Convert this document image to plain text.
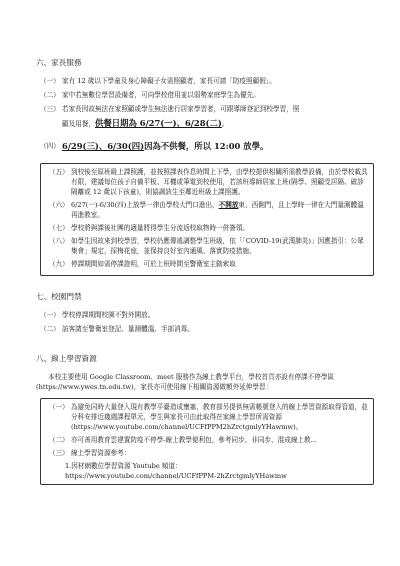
六、家長服務
（一） 家有 12 歲以下學童及身心障礙子女需照顧者，家長可請「防疫照顧假」。
（二） 家中若無數位學習設備者，可向學校借用並以弱勢家庭學生為優先。
（三） 若家長因故無法在家照顧或學生無法進行居家學習者，可跟導師登記到校學習，照
顧及用餐，供餐日期為 6/27(一)、6/28(二)。
（四） 6/29(三)、6/30(四)因為不供餐，所以 12:00 放學。
（五） 到校後至原班級上課照護，並按照課表作息時間上下學，由學校提供相關所需教學設備，由於學校載具有限，建議每位孩子自備平板、耳機或筆電到校使用，若該班導師居家上班(隔學、照顧受居隔、確診隔離或 12 歲以下孩童)，則協調該生至鄰近班級上課照護。
（六） 6/27(一)-6/30(四)上放學一律由學校大門口進出，不開放東、西側門，且上學時一律在大門量測體溫再進教室。
（七） 學校將與課後社團的適量將得學生分流返校取物時一併簽領。
（八） 如學生因故來到校學習，學校仍應傳遞調整學生班級，依「「COVID-19(武漢肺炎)」因應指引：公眾集會」規定，採梅花座，並保持良好室內通風、落實防疫措施。
（九） 停課期間如需停課證明，可於上班時間至警衛室主動索取
七、校園門禁
（一） 學校停課期間校園不對外開放。
（二） 訪客請至警衛室登記、量測體溫、手部消毒。
八、線上學習資源
本校主要使用 Google Classroom、meet 服務作為線上教學平台，學校首頁亦設有停課不停學區(https://www.ywes.tn.edu.tw)，家長亦可使用線下相關資源做額外延伸學習：
（一） 為避免同時大量登入現有教學平臺造成壅塞，教育部另提供無需帳號登入的線上學習資源取得管道，並分科安排近幾週課程單元，學生與家長可由此取得在家線上學習所需資源(https://www.youtube.com/channel/UCFfPPM2hZrctgmlyYHawmw)。
（二） 亦可善用教育雲建置防疫不停學-線上教學便利包，參考同步、非同步、混成線上教...
（三） 線上學習資源參考：
1.因材網數位學習資源 Youtube 頻道：
https://www.youtube.com/channel/UCFfPPM-2hZrctgmlyYHawmw
